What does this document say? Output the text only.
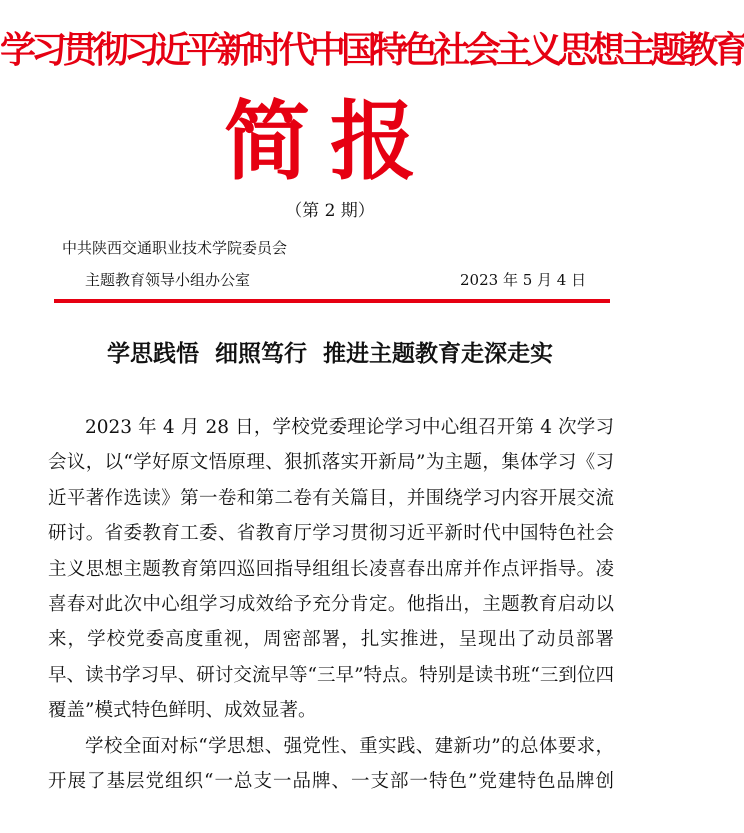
学习贯彻习近平新时代中国特色社会主义思想主题教育
简报
（第 2 期）
中共陕西交通职业技术学院委员会
主题教育领导小组办公室	2023 年 5 月 4 日
学思践悟  细照笃行  推进主题教育走深走实

2023 年 4 月 28 日，学校党委理论学习中心组召开第 4 次学习会议，以“学好原文悟原理、狠抓落实开新局”为主题，集体学习《习近平著作选读》第一卷和第二卷有关篇目，并围绕学习内容开展交流研讨。省委教育工委、省教育厅学习贯彻习近平新时代中国特色社会主义思想主题教育第四巡回指导组组长凌喜春出席并作点评指导。凌喜春对此次中心组学习成效给予充分肯定。他指出，主题教育启动以来，学校党委高度重视，周密部署，扎实推进，呈现出了动员部署早、读书学习早、研讨交流早等“三早”特点。特别是读书班“三到位四覆盖”模式特色鲜明、成效显著。

学校全面对标“学思想、强党性、重实践、建新功”的总体要求，开展了基层党组织“一总支一品牌、一支部一特色”党建特色品牌创
